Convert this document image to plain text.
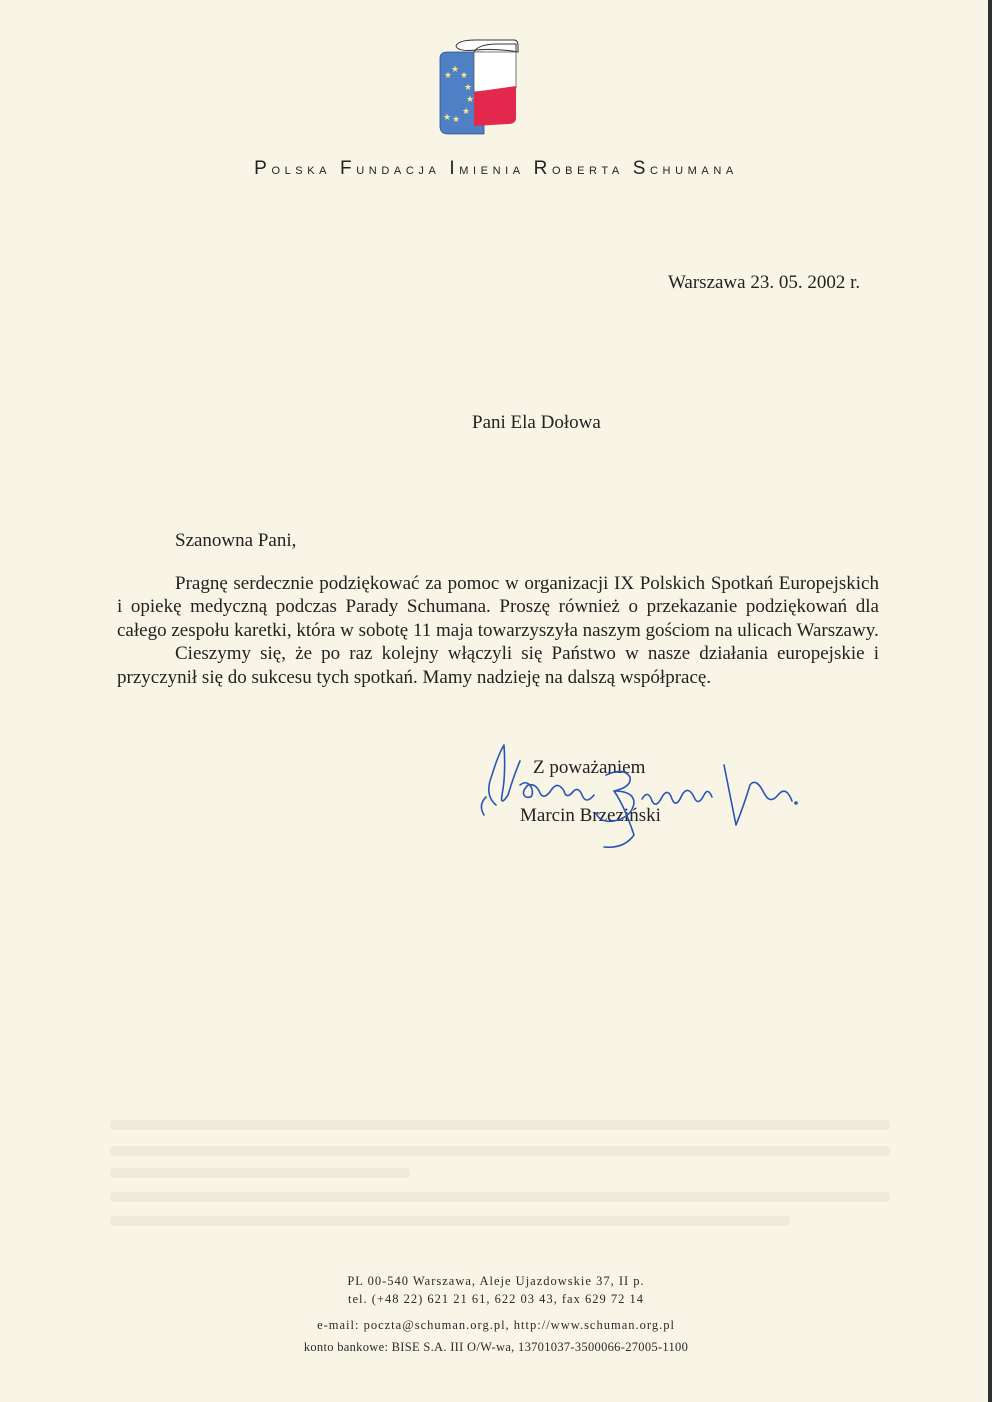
★
★
★
★
★
★
★
★
Polska Fundacja Imienia Roberta Schumana
Warszawa 23. 05. 2002 r.
Pani Ela Dołowa
Szanowna Pani,

Pragnę serdecznie podziękować za pomoc w organizacji IX Polskich Spotkań Europejskich i opiekę medyczną podczas Parady Schumana. Proszę również o przekazanie podziękowań dla całego zespołu karetki, która w sobotę 11 maja towarzyszyła naszym gościom na ulicach Warszawy.

Cieszymy się, że po raz kolejny włączyli się Państwo w nasze działania europejskie i przyczynił się do sukcesu tych spotkań. Mamy nadzieję na dalszą współpracę.

Z poważaniem
Marcin Brzeziński
PL 00-540 Warszawa, Aleje Ujazdowskie 37, II p.
tel. (+48 22) 621 21 61, 622 03 43, fax 629 72 14
e-mail: poczta@schuman.org.pl, http://www.schuman.org.pl
konto bankowe: BISE S.A. III O/W-wa, 13701037-3500066-27005-1100
